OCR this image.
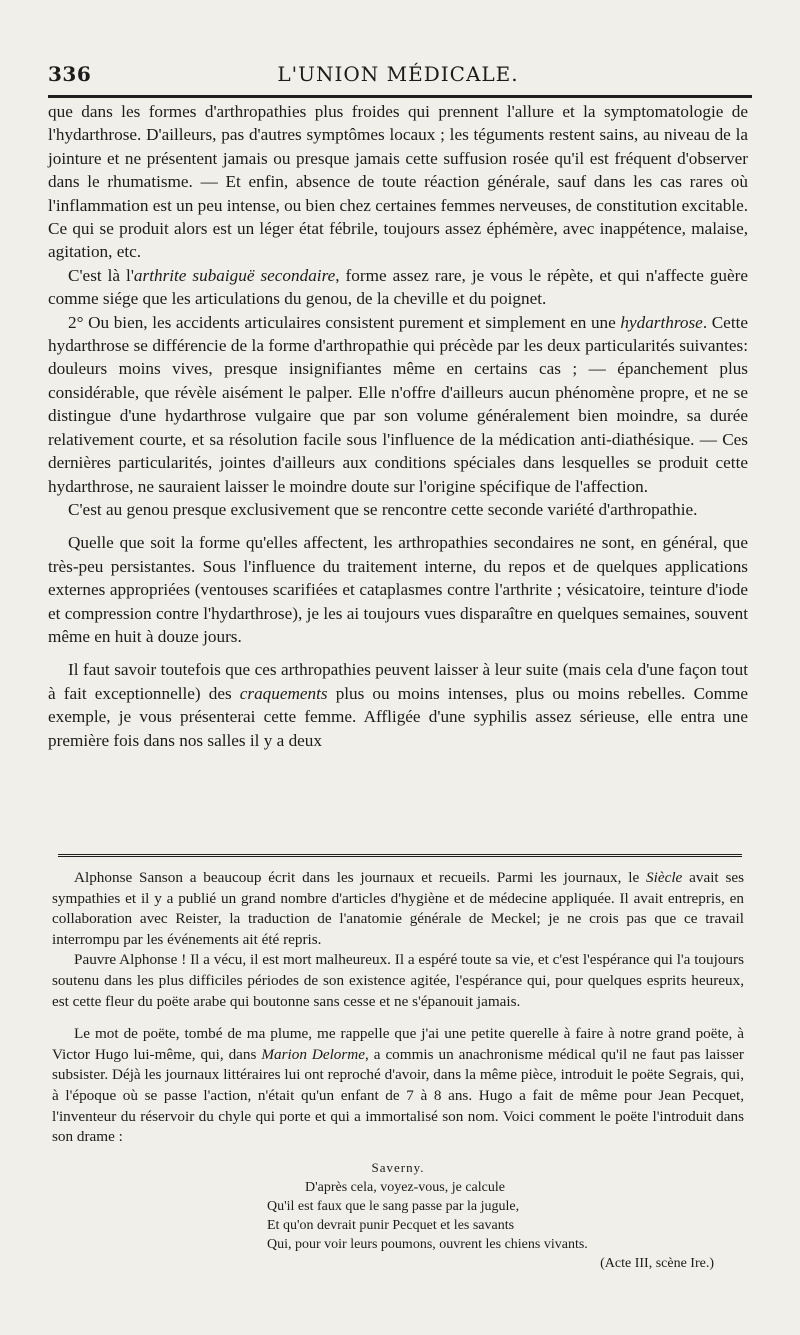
336	L'UNION MÉDICALE.

que dans les formes d'arthropathies plus froides qui prennent l'allure et la symptomatologie de l'hydarthrose. D'ailleurs, pas d'autres symptômes locaux ; les téguments restent sains, au niveau de la jointure et ne présentent jamais ou presque jamais cette suffusion rosée qu'il est fréquent d'observer dans le rhumatisme. — Et enfin, absence de toute réaction générale, sauf dans les cas rares où l'inflammation est un peu intense, ou bien chez certaines femmes nerveuses, de constitution excitable. Ce qui se produit alors est un léger état fébrile, toujours assez éphémère, avec inappétence, malaise, agitation, etc.

C'est là l'arthrite subaiguë secondaire, forme assez rare, je vous le répète, et qui n'affecte guère comme siége que les articulations du genou, de la cheville et du poignet.

2° Ou bien, les accidents articulaires consistent purement et simplement en une hydarthrose. Cette hydarthrose se différencie de la forme d'arthropathie qui précède par les deux particularités suivantes: douleurs moins vives, presque insignifiantes même en certains cas ; — épanchement plus considérable, que révèle aisément le palper. Elle n'offre d'ailleurs aucun phénomène propre, et ne se distingue d'une hydarthrose vulgaire que par son volume généralement bien moindre, sa durée relativement courte, et sa résolution facile sous l'influence de la médication anti-diathésique. — Ces dernières particularités, jointes d'ailleurs aux conditions spéciales dans lesquelles se produit cette hydarthrose, ne sauraient laisser le moindre doute sur l'origine spécifique de l'affection.

C'est au genou presque exclusivement que se rencontre cette seconde variété d'arthropathie.

Quelle que soit la forme qu'elles affectent, les arthropathies secondaires ne sont, en général, que très-peu persistantes. Sous l'influence du traitement interne, du repos et de quelques applications externes appropriées (ventouses scarifiées et cataplasmes contre l'arthrite ; vésicatoire, teinture d'iode et compression contre l'hydarthrose), je les ai toujours vues disparaître en quelques semaines, souvent même en huit à douze jours.

Il faut savoir toutefois que ces arthropathies peuvent laisser à leur suite (mais cela d'une façon tout à fait exceptionnelle) des craquements plus ou moins intenses, plus ou moins rebelles. Comme exemple, je vous présenterai cette femme. Affligée d'une syphilis assez sérieuse, elle entra une première fois dans nos salles il y a deux

Alphonse Sanson a beaucoup écrit dans les journaux et recueils. Parmi les journaux, le Siècle avait ses sympathies et il y a publié un grand nombre d'articles d'hygiène et de médecine appliquée. Il avait entrepris, en collaboration avec Reister, la traduction de l'anatomie générale de Meckel; je ne crois pas que ce travail interrompu par les événements ait été repris.

Pauvre Alphonse ! Il a vécu, il est mort malheureux. Il a espéré toute sa vie, et c'est l'espérance qui l'a toujours soutenu dans les plus difficiles périodes de son existence agitée, l'espérance qui, pour quelques esprits heureux, est cette fleur du poëte arabe qui boutonne sans cesse et ne s'épanouit jamais.

Le mot de poëte, tombé de ma plume, me rappelle que j'ai une petite querelle à faire à notre grand poëte, à Victor Hugo lui-même, qui, dans Marion Delorme, a commis un anachronisme médical qu'il ne faut pas laisser subsister. Déjà les journaux littéraires lui ont reproché d'avoir, dans la même pièce, introduit le poëte Segrais, qui, à l'époque où se passe l'action, n'était qu'un enfant de 7 à 8 ans. Hugo a fait de même pour Jean Pecquet, l'inventeur du réservoir du chyle qui porte et qui a immortalisé son nom. Voici comment le poëte l'introduit dans son drame :

Saverny.
D'après cela, voyez-vous, je calcule
Qu'il est faux que le sang passe par la jugule,
Et qu'on devrait punir Pecquet et les savants
Qui, pour voir leurs poumons, ouvrent les chiens vivants.
(Acte III, scène Ire.)
